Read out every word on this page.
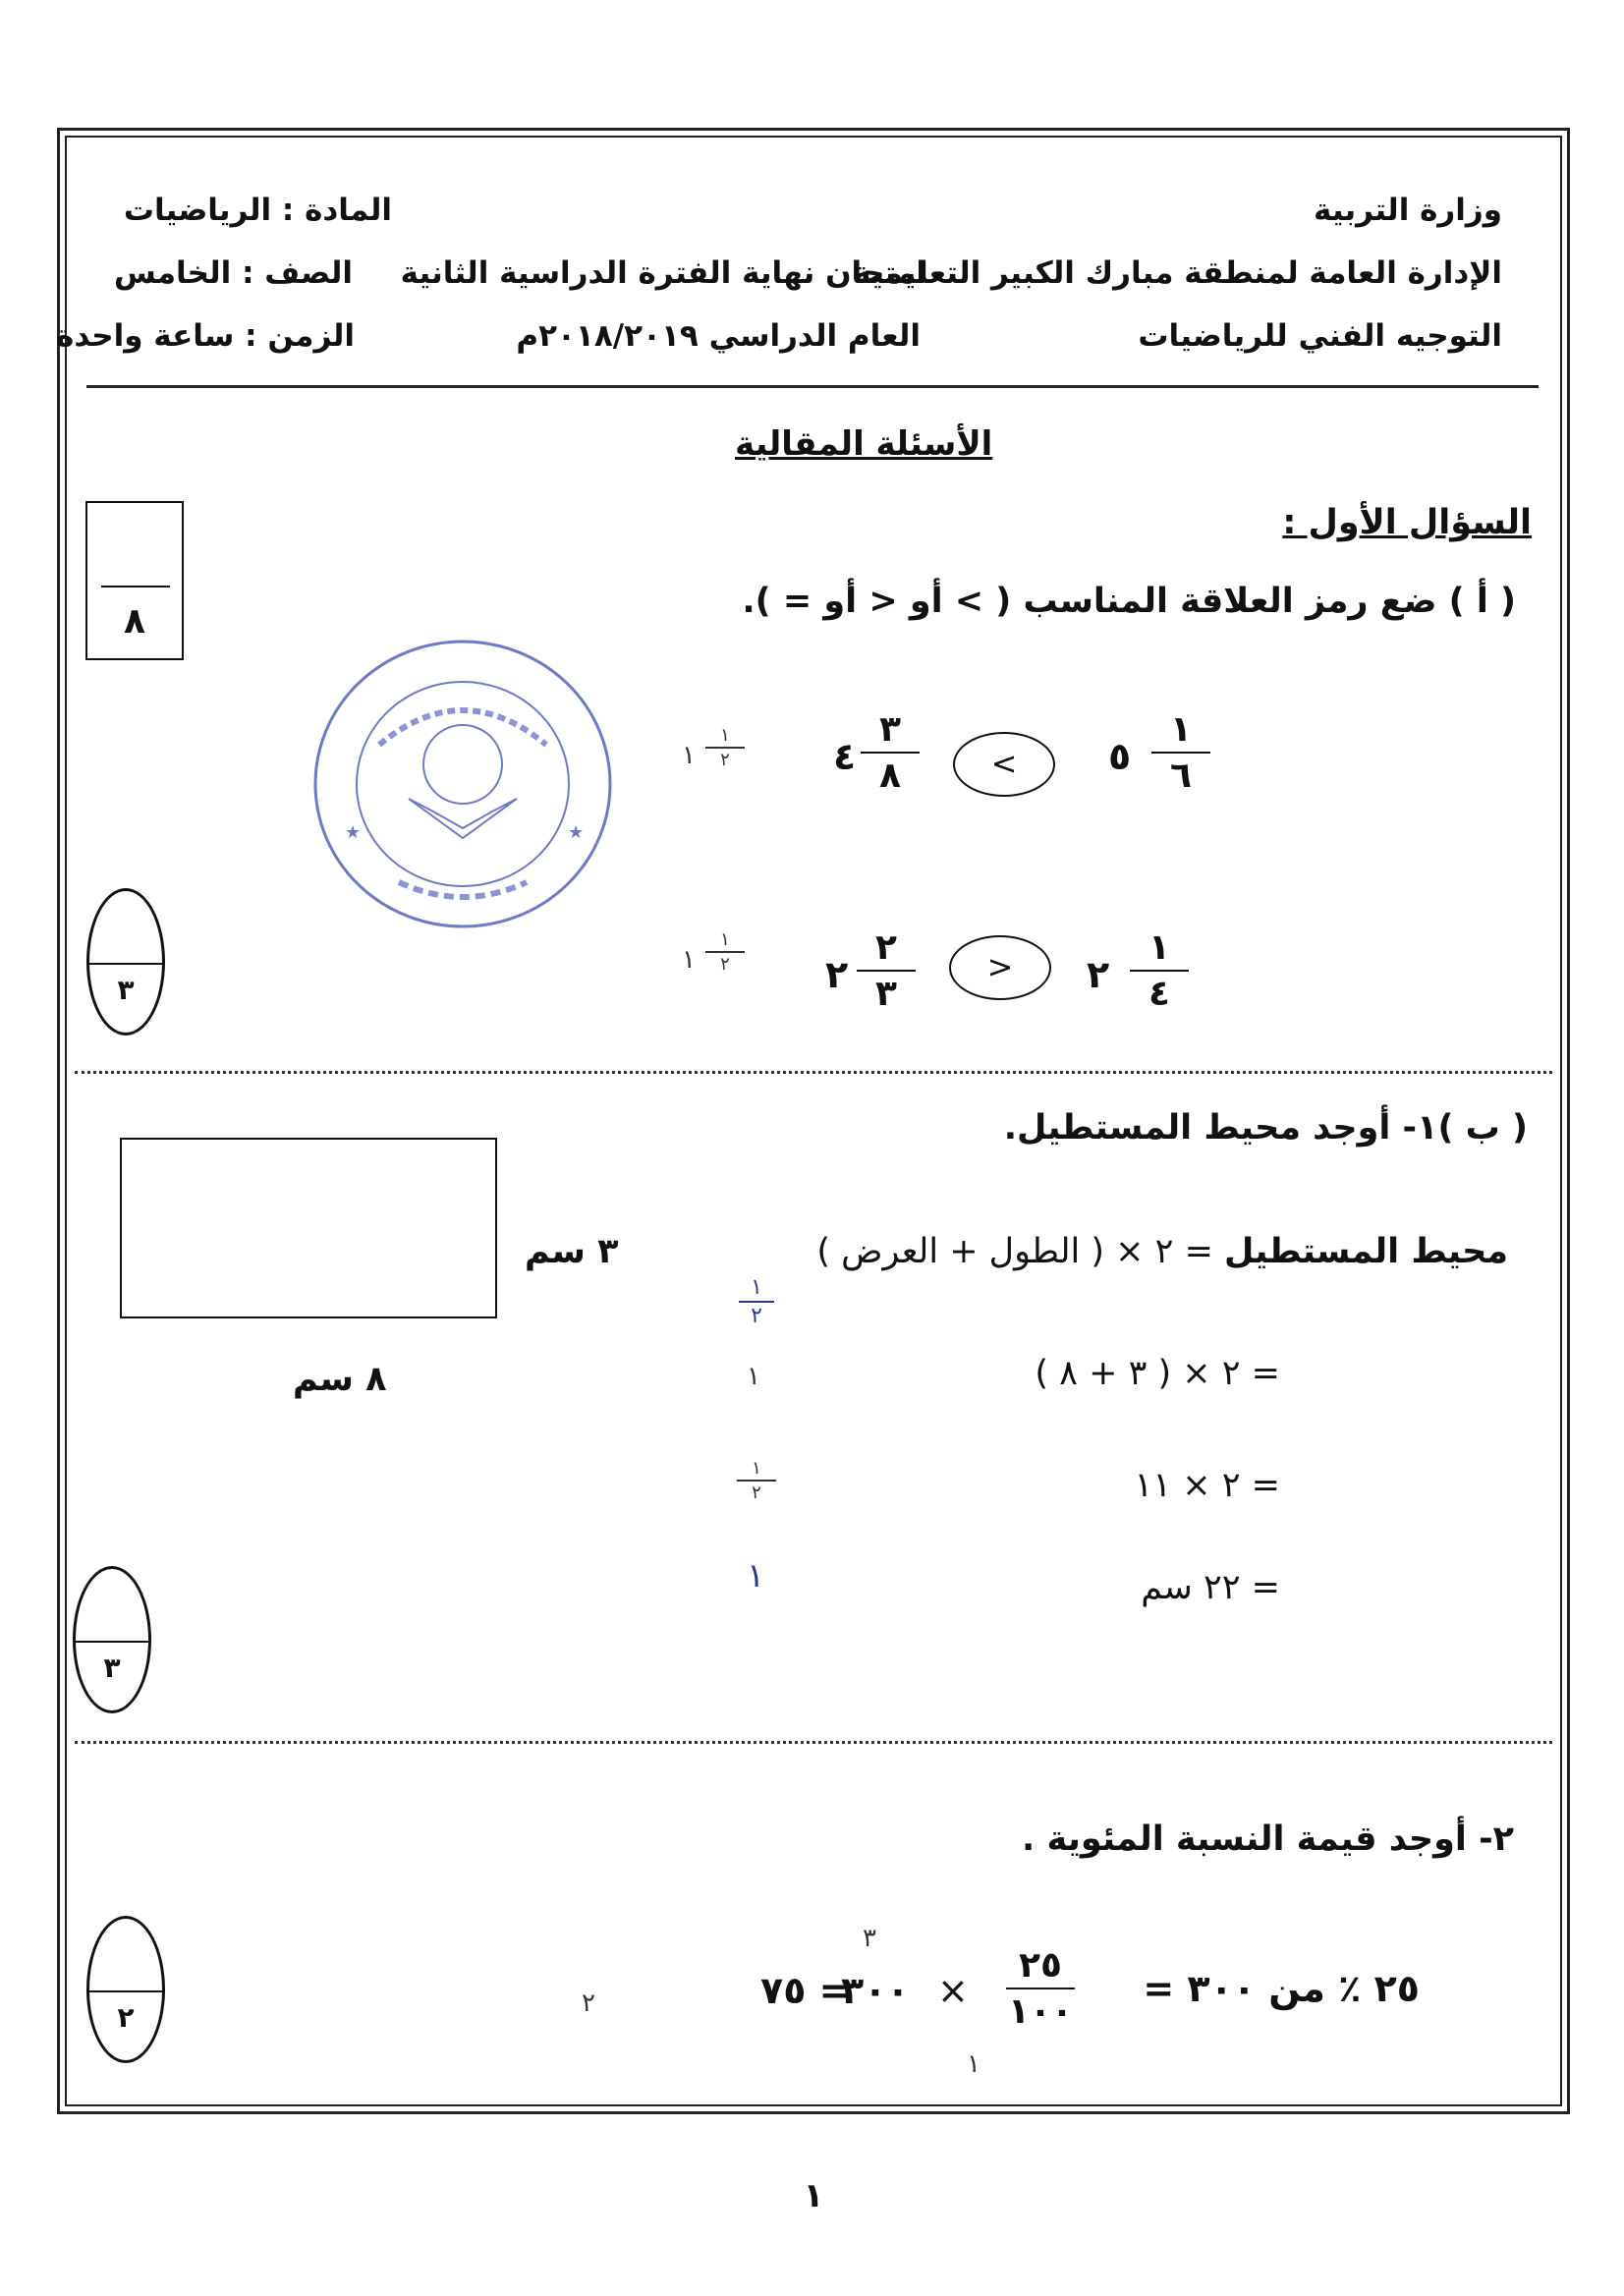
وزارة التربية
الإدارة العامة لمنطقة مبارك الكبير التعليمية
التوجيه الفني للرياضيات
امتحان نهاية الفترة الدراسية الثانية
العام الدراسي ٢٠١٨/٢٠١٩م
المادة : الرياضيات
الصف : الخامس
الزمن : ساعة واحدة
الأسئلة المقالية
٨
السؤال الأول :
( أ ) ضع رمز العلاقة المناسب ( > أو < أو = ).
★	★
٣
٥
١
٦
<
٤
٣
٨
١
١
٢
٢
١
٤
>
٢
٢
٣
١
١
٢
( ب )١- أوجد محيط المستطيل.
٣ سم
٨ سم
محيط المستطيل = ٢ × ( الطول + العرض )
= ٢ × ( ٣ + ٨ )
= ٢ × ١١
= ٢٢ سم
١
٢
١
١
٢
١
٣
٢- أوجد قيمة النسبة المئوية .
٢٥ ٪ من ٣٠٠ =
٢٥
١٠٠
×
٣٠٠
= ٧٥
٣
١
٢
٢
١
